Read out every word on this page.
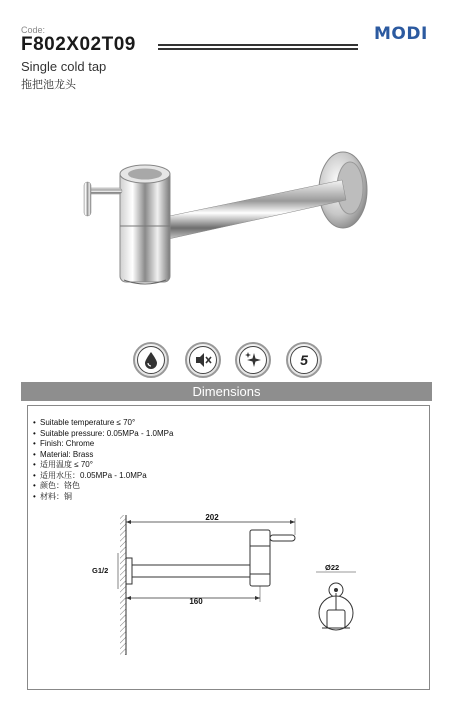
Code:
F802X02T09	MODI
Single cold tap
拖把池龙头
5
Dimensions
• Suitable temperature ≤ 70°
• Suitable pressure: 0.05MPa - 1.0MPa
• Finish: Chrome
• Material: Brass
• 适用温度 ≤ 70°
• 适用水压：0.05MPa - 1.0MPa
• 颜色：铬色
• 材料：铜
202
160
G1/2	Ø22
